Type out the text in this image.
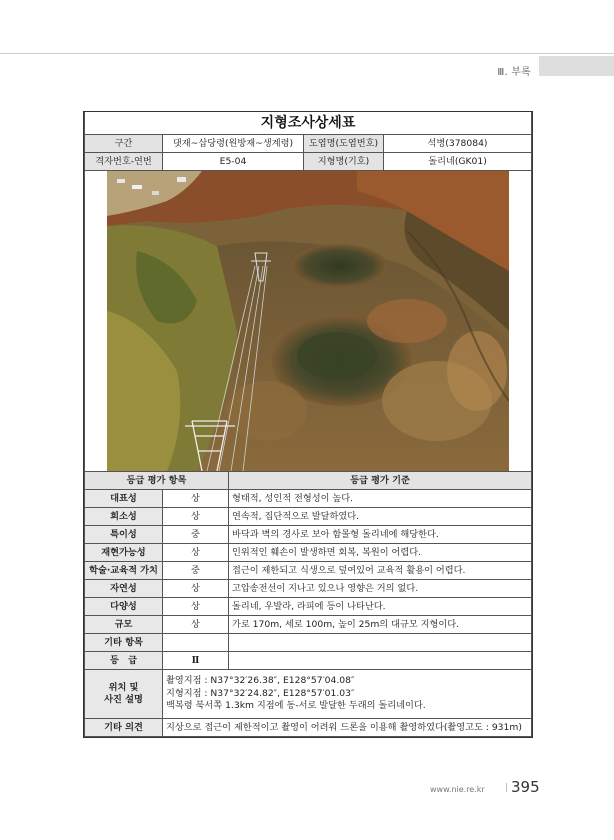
Ⅲ. 부록
지형조사상세표				
구간	댓재~삽당령(원방재~생계령)		도엽명(도엽번호)	석병(378084)
격자번호-연번	E5-04		지형명(기호)	돌리네(GK01)

등급 평가 항목		등급 평가 기준		
대표성	상	형태적, 성인적 전형성이 높다.		
희소성	상	연속적, 집단적으로 발달하였다.		
특이성	중	바닥과 벽의 경사로 보아 함몰형 돌리네에 해당한다.		
재현가능성	상	인위적인 훼손이 발생하면 회복, 복원이 어렵다.		
학술·교육적 가치	중	접근이 제한되고 식생으로 덮여있어 교육적 활용이 어렵다.		
자연성	상	고압송전선이 지나고 있으나 영향은 거의 없다.		
다양성	상	돌리네, 우발라, 라피에 등이 나타난다.		
규모	상	가로 170m, 세로 100m, 높이 25m의 대규모 지형이다.		
기타 항목				
등　급	Ⅱ			

위치 및
사진 설명	촬영지점 : N37°32′26.38″, E128°57′04.08″
지형지점 : N37°32′24.82″, E128°57′01.03″
백복령 북서쪽 1.3km 지점에 동-서로 발달한 두래의 돌리네이다.			

기타 의견	지상으로 접근이 제한적이고 촬영이 어려워 드론을 이용해 촬영하였다(촬영고도 : 931m)			
www.nie.re.kr | 395
